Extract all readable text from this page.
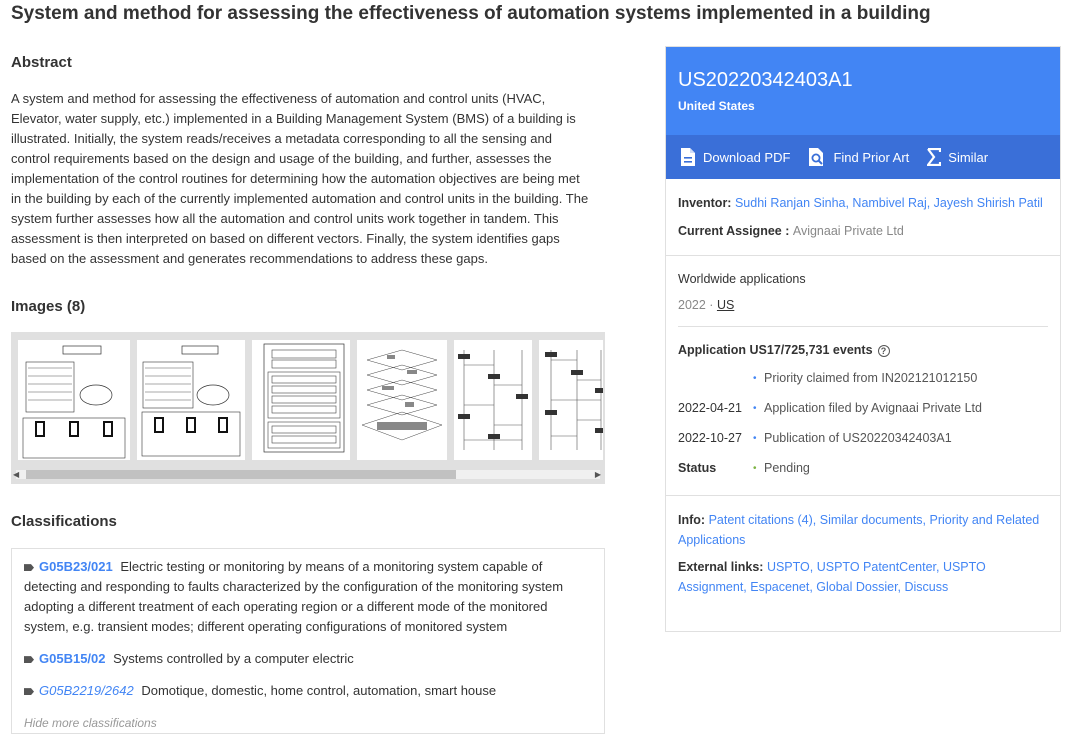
System and method for assessing the effectiveness of automation systems implemented in a building
Abstract
A system and method for assessing the effectiveness of automation and control units (HVAC, Elevator, water supply, etc.) implemented in a Building Management System (BMS) of a building is illustrated. Initially, the system reads/receives a metadata corresponding to all the sensing and control requirements based on the design and usage of the building, and further, assesses the implementation of the control routines for determining how the automation objectives are being met in the building by each of the currently implemented automation and control units in the building. The system further assesses how all the automation and control units work together in tandem. This assessment is then interpreted on based on different vectors. Finally, the system identifies gaps based on the assessment and generates recommendations to address these gaps.
Images (8)
◀	▶
Classifications
G05B23/021 Electric testing or monitoring by means of a monitoring system capable of detecting and responding to faults characterized by the configuration of the monitoring system adopting a different treatment of each operating region or a different mode of the monitored system, e.g. transient modes; different operating configurations of monitored system
G05B15/02 Systems controlled by a computer electric
G05B2219/2642 Domotique, domestic, home control, automation, smart house
Hide more classifications
US20220342403A1
United States
Download PDF	Find Prior Art	Similar
Inventor: Sudhi Ranjan Sinha, Nambivel Raj, Jayesh Shirish Patil
Current Assignee : Avignaai Private Ltd
Worldwide applications
2022 · US
Application US17/725,731 events ?
• Priority claimed from IN202121012150
2022-04-21	• Application filed by Avignaai Private Ltd
2022-10-27	• Publication of US20220342403A1
Status	• Pending
Info: Patent citations (4), Similar documents, Priority and Related Applications
External links: USPTO, USPTO PatentCenter, USPTO Assignment, Espacenet, Global Dossier, Discuss
